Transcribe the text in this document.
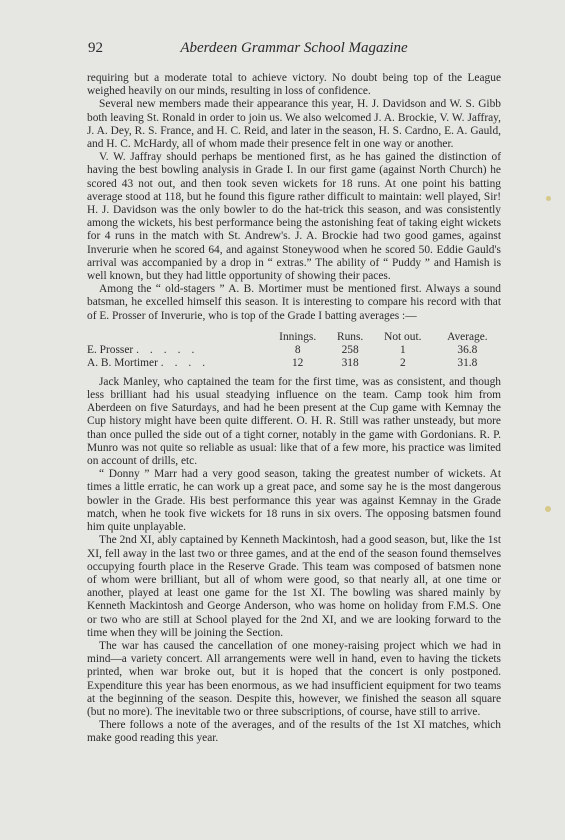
92	Aberdeen Grammar School Magazine

requiring but a moderate total to achieve victory. No doubt being top of the League weighed heavily on our minds, resulting in loss of confidence.

Several new members made their appearance this year, H. J. Davidson and W. S. Gibb both leaving St. Ronald in order to join us. We also welcomed J. A. Brockie, V. W. Jaffray, J. A. Dey, R. S. France, and H. C. Reid, and later in the season, H. S. Cardno, E. A. Gauld, and H. C. McHardy, all of whom made their presence felt in one way or another.

V. W. Jaffray should perhaps be mentioned first, as he has gained the distinction of having the best bowling analysis in Grade I. In our first game (against North Church) he scored 43 not out, and then took seven wickets for 18 runs. At one point his batting average stood at 118, but he found this figure rather difficult to maintain: well played, Sir! H. J. Davidson was the only bowler to do the hat-trick this season, and was consistently among the wickets, his best performance being the astonishing feat of taking eight wickets for 4 runs in the match with St. Andrew's. J. A. Brockie had two good games, against Inverurie when he scored 64, and against Stoneywood when he scored 50. Eddie Gauld's arrival was accompanied by a drop in “ extras.” The ability of “ Puddy ” and Hamish is well known, but they had little opportunity of showing their paces.

Among the “ old-stagers ” A. B. Mortimer must be mentioned first. Always a sound batsman, he excelled himself this season. It is interesting to compare his record with that of E. Prosser of Inverurie, who is top of the Grade I batting averages :—

	Innings.	Runs.	Not out.	Average.
E. Prosser .....	8	258	1	36.8
A. B. Mortimer ....	12	318	2	31.8

Jack Manley, who captained the team for the first time, was as consistent, and though less brilliant had his usual steadying influence on the team. Camp took him from Aberdeen on five Saturdays, and had he been present at the Cup game with Kemnay the Cup history might have been quite different. O. H. R. Still was rather unsteady, but more than once pulled the side out of a tight corner, notably in the game with Gordonians. R. P. Munro was not quite so reliable as usual: like that of a few more, his practice was limited on account of drills, etc.

“ Donny ” Marr had a very good season, taking the greatest number of wickets. At times a little erratic, he can work up a great pace, and some say he is the most dangerous bowler in the Grade. His best performance this year was against Kemnay in the Grade match, when he took five wickets for 18 runs in six overs. The opposing batsmen found him quite unplayable.

The 2nd XI, ably captained by Kenneth Mackintosh, had a good season, but, like the 1st XI, fell away in the last two or three games, and at the end of the season found themselves occupying fourth place in the Reserve Grade. This team was composed of batsmen none of whom were brilliant, but all of whom were good, so that nearly all, at one time or another, played at least one game for the 1st XI. The bowling was shared mainly by Kenneth Mackintosh and George Anderson, who was home on holiday from F.M.S. One or two who are still at School played for the 2nd XI, and we are looking forward to the time when they will be joining the Section.

The war has caused the cancellation of one money-raising project which we had in mind—a variety concert. All arrangements were well in hand, even to having the tickets printed, when war broke out, but it is hoped that the concert is only postponed. Expenditure this year has been enormous, as we had insufficient equipment for two teams at the beginning of the season. Despite this, however, we finished the season all square (but no more). The inevitable two or three subscriptions, of course, have still to arrive.

There follows a note of the averages, and of the results of the 1st XI matches, which make good reading this year.
